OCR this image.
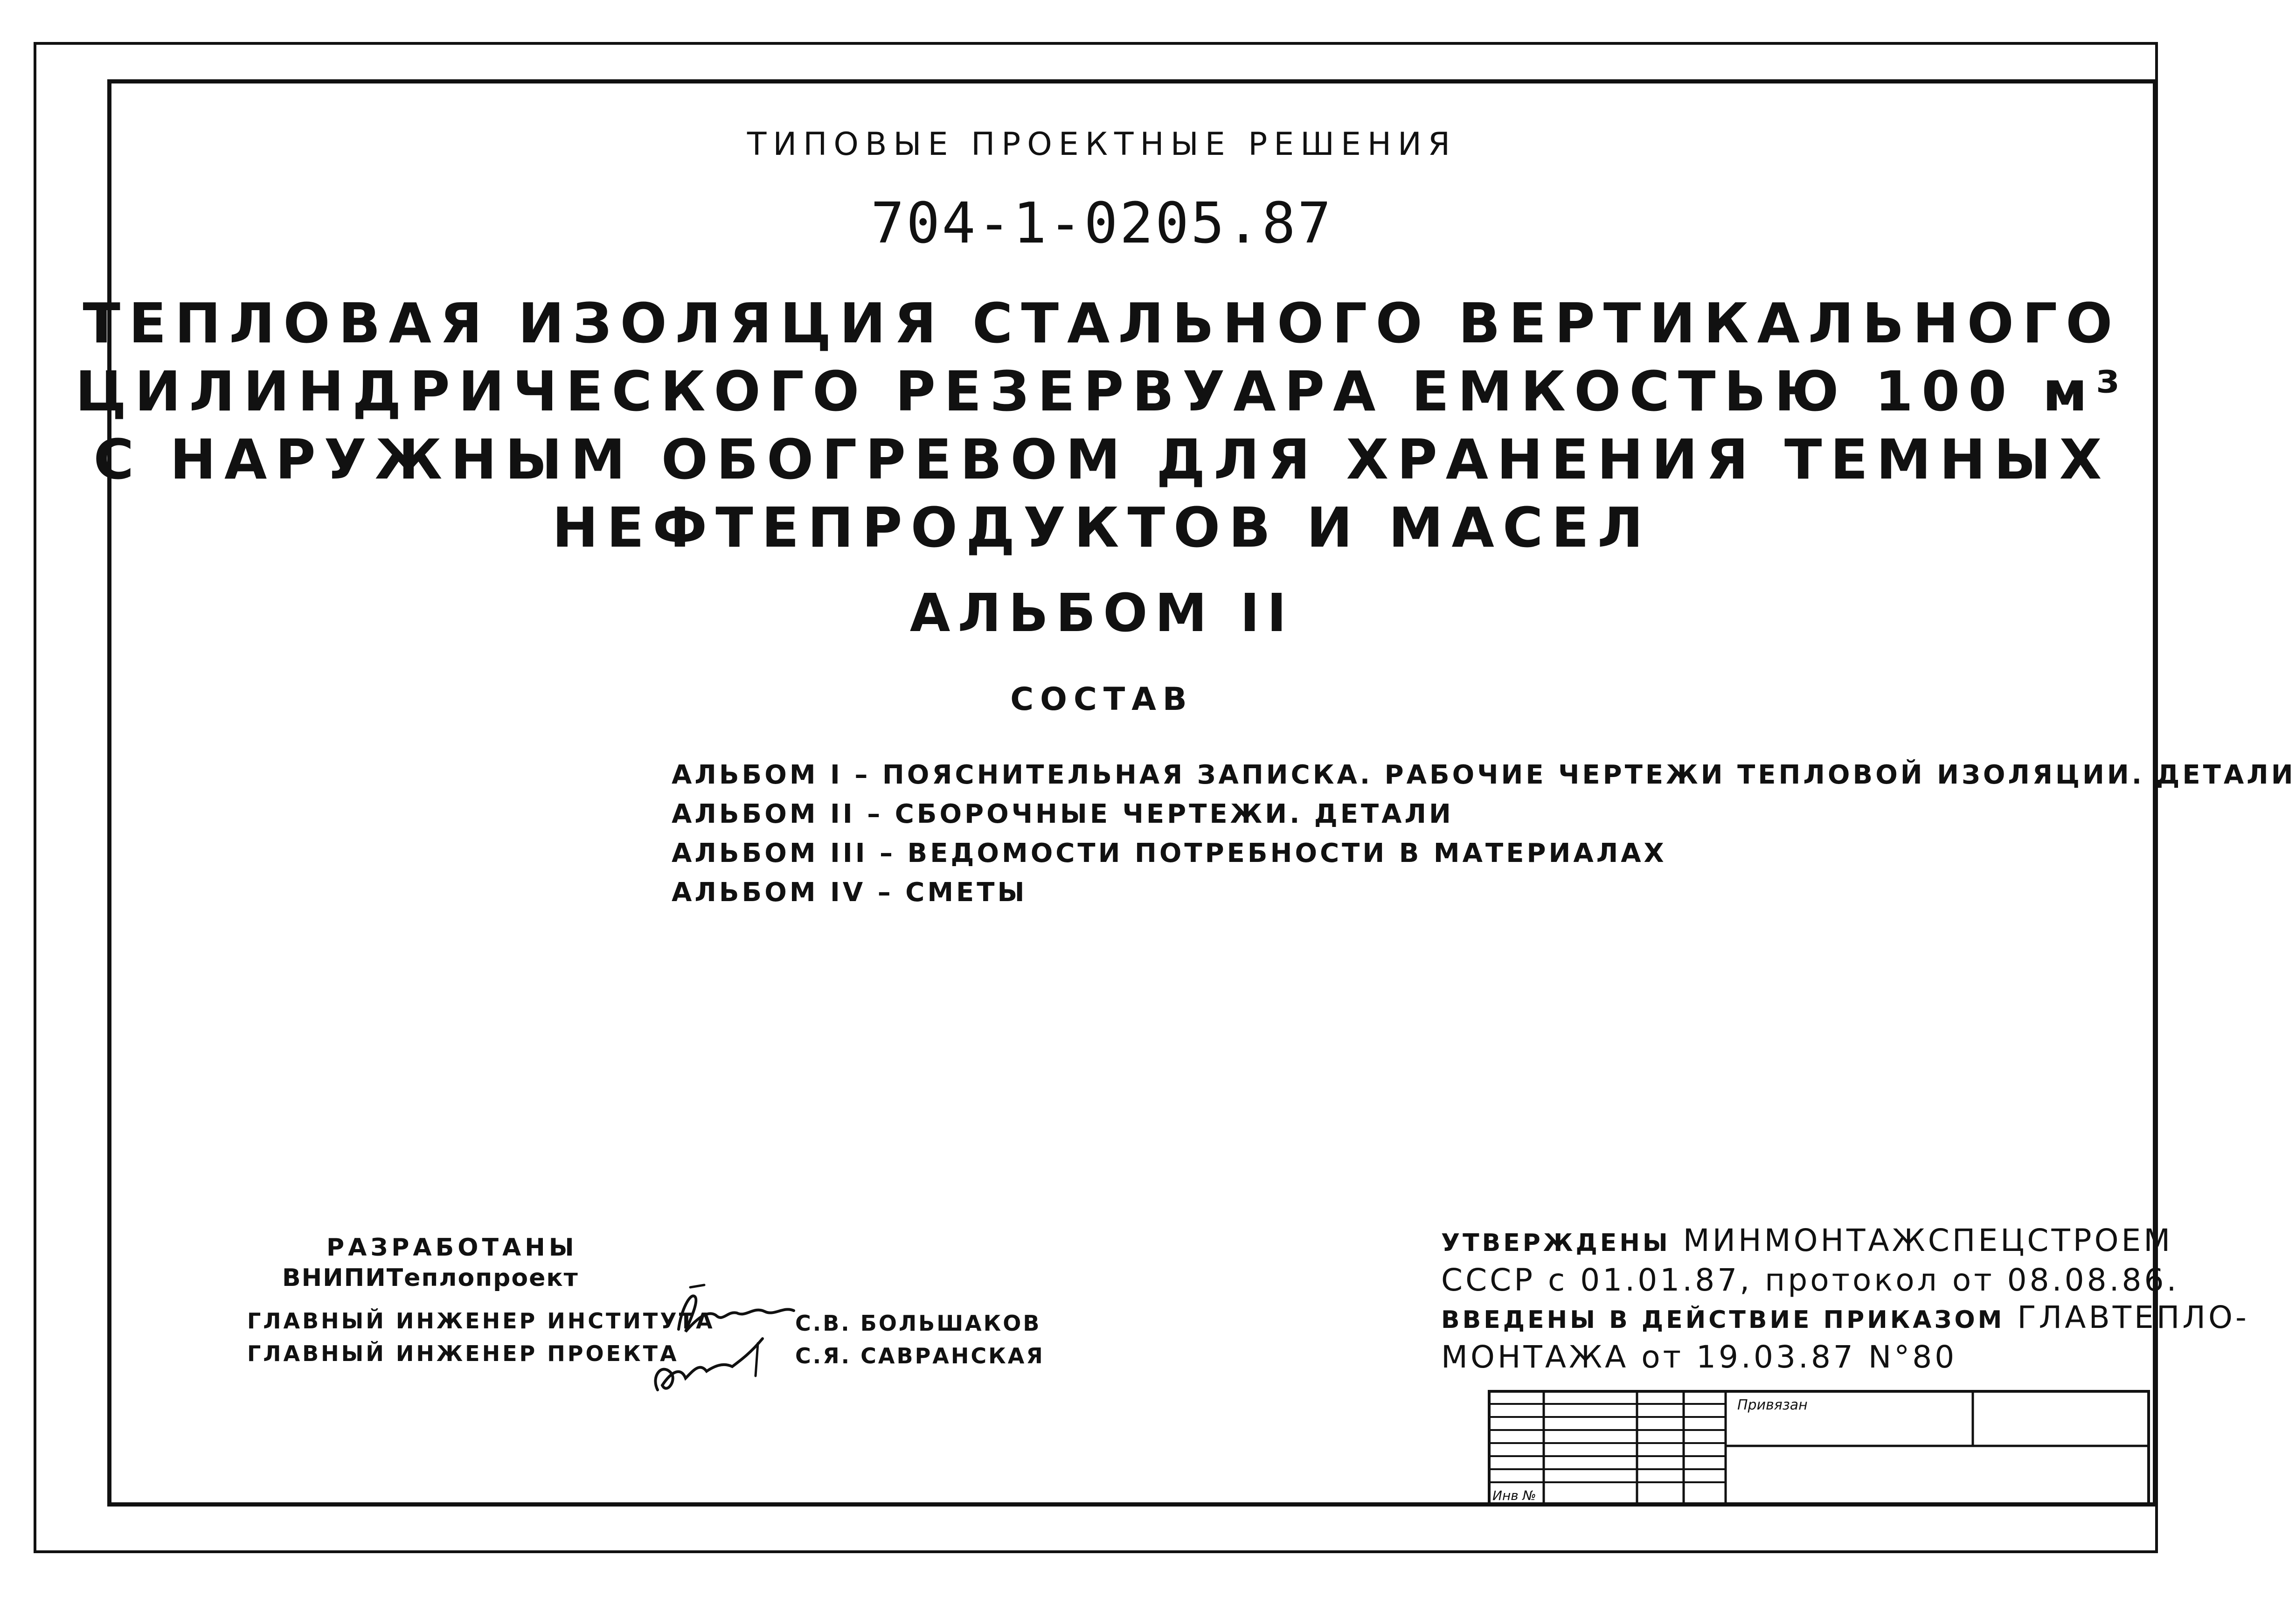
ТИПОВЫЕ ПРОЕКТНЫЕ РЕШЕНИЯ
704-1-0205.87
ТЕПЛОВАЯ ИЗОЛЯЦИЯ СТАЛЬНОГО ВЕРТИКАЛЬНОГО
ЦИЛИНДРИЧЕСКОГО РЕЗЕРВУАРА ЕМКОСТЬЮ 100 м³
С НАРУЖНЫМ ОБОГРЕВОМ ДЛЯ ХРАНЕНИЯ ТЕМНЫХ
НЕФТЕПРОДУКТОВ И МАСЕЛ
АЛЬБОМ II
СОСТАВ
АЛЬБОМ I – ПОЯСНИТЕЛЬНАЯ ЗАПИСКА. РАБОЧИЕ ЧЕРТЕЖИ ТЕПЛОВОЙ ИЗОЛЯЦИИ. ДЕТАЛИ
АЛЬБОМ II – СБОРОЧНЫЕ ЧЕРТЕЖИ. ДЕТАЛИ
АЛЬБОМ III – ВЕДОМОСТИ ПОТРЕБНОСТИ В МАТЕРИАЛАХ
АЛЬБОМ IV – СМЕТЫ
РАЗРАБОТАНЫ
ВНИПИТеплопроект
ГЛАВНЫЙ ИНЖЕНЕР ИНСТИТУТА
ГЛАВНЫЙ ИНЖЕНЕР ПРОЕКТА
С.В. БОЛЬШАКОВ
С.Я. САВРАНСКАЯ
УТВЕРЖДЕНЫ МИНМОНТАЖСПЕЦСТРОЕМ
СССР с 01.01.87, протокол от 08.08.86.
ВВЕДЕНЫ В ДЕЙСТВИЕ ПРИКАЗОМ ГЛАВТЕПЛО-
МОНТАЖА от 19.03.87 N°80
Привязан
Инв №
